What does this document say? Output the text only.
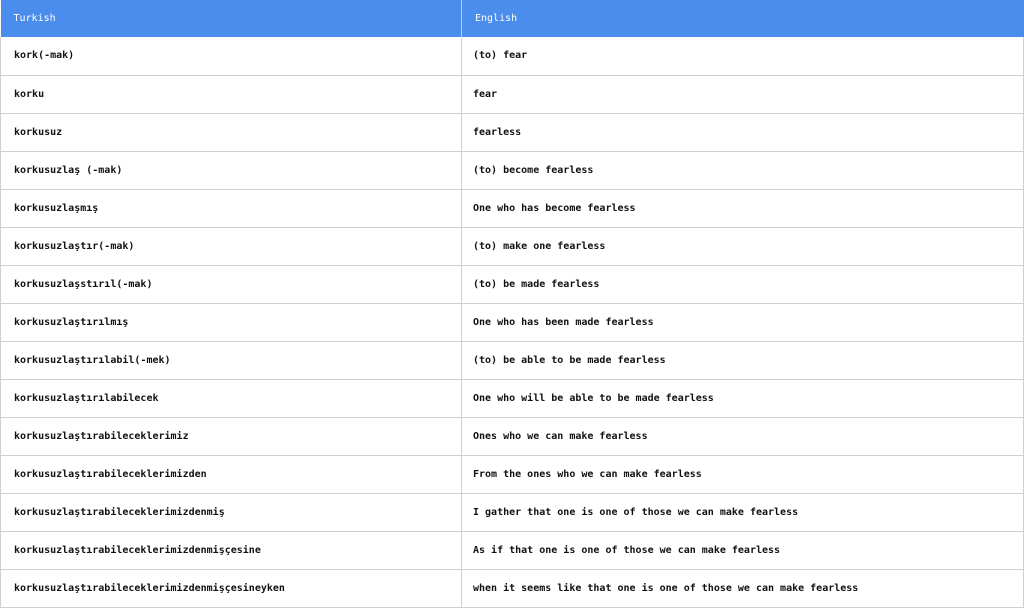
Turkish	English
kork(-mak)	(to) fear
korku	fear
korkusuz	fearless
korkusuzlaş (-mak)	(to) become fearless
korkusuzlaşmış	One who has become fearless
korkusuzlaştır(-mak)	(to) make one fearless
korkusuzlaşstırıl(-mak)	(to) be made fearless
korkusuzlaştırılmış	One who has been made fearless
korkusuzlaştırılabil(-mek)	(to) be able to be made fearless
korkusuzlaştırılabilecek	One who will be able to be made fearless
korkusuzlaştırabileceklerimiz	Ones who we can make fearless
korkusuzlaştırabileceklerimizden	From the ones who we can make fearless
korkusuzlaştırabileceklerimizdenmiş	I gather that one is one of those we can make fearless
korkusuzlaştırabileceklerimizdenmişçesine	As if that one is one of those we can make fearless
korkusuzlaştırabileceklerimizdenmişçesineyken	when it seems like that one is one of those we can make fearless
